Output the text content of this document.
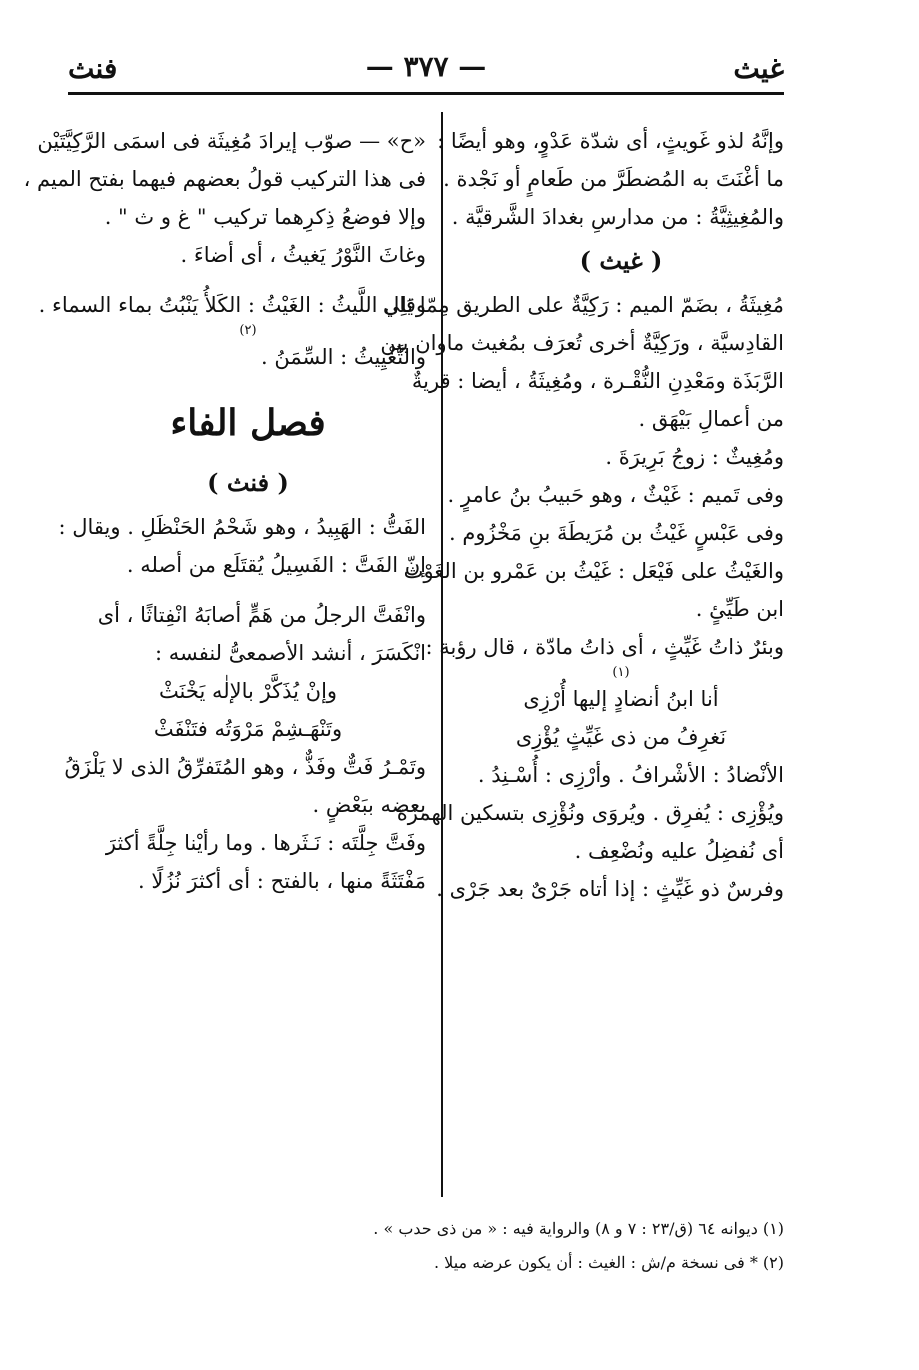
غيث
— ٣٧٧ —
فنث
وإنَّهُ لذو غَويثٍ، أى شدّة عَدْوٍ، وهو أيضًا :
ما أغْنَتَ به المُضطَرَّ من طَعامٍ أو نَجْدة .
والمُغِيثِيَّةُ : من مدارسِ بغدادَ الشَّرقيَّة .
( غيث )
مُغِيثَةُ ، بضَمّ الميم : رَكِيَّةٌ على الطريق مِمّا يَلِي
القادِسيَّة ، ورَكِيَّةٌ أخرى تُعرَف بمُغيث ماوان بين
الرَّبَذَة ومَعْدِنِ النُّقْـرة ، ومُغِيثَةُ ، أيضا : قريةٌ
من أعمالِ بَيْهَق .
ومُغِيثٌ : زوجُ بَرِيرَةَ .
وفى تَميم : غَيْثٌ ، وهو حَبيبُ بنُ عامرٍ .
وفى عَبْسٍ غَيْثُ بن مُرَيطَةَ بنِ مَخْزُوم .
والغَيْثُ على فَيْعَل : غَيْثُ بن عَمْرو بن الغَوْث
ابن طَيِّئٍ .
وبئرٌ ذاتُ غَيِّثٍ ، أى ذاتُ مادّة ، قال رؤبة :
(١)
أنا ابنُ أنضادٍ إليها أُرْزِى
نَغرِفُ من ذى غَيِّثٍ يُؤْزِى
الأنْضادُ : الأشْرافُ . وأرْزِى : أُسْـنِدُ .
ويُؤْزِى : يُفرِق . ويُروَى ونُؤْزِى بتسكين الهمزة
أى نُفضِلُ عليه ونُضْعِف .
وفرسٌ ذو غَيِّثٍ : إذا أتاه جَرْىٌ بعد جَرْى .
«ح» — صوّب إيرادَ مُغِيثَة فى اسمَى الرَّكِيَّتَيْن
فى هذا التركيب قولُ بعضهم فيهما بفتح الميم ،
وإلا فوضعُ ذِكرِهما تركيب " غ و ث " .
وغاثَ النَّوْرُ يَغيثُ ، أى أضاءَ .
وقال اللَّيثُ : الغَيْثُ : الكَلأُ يَنْبُتُ بماء السماء .
(٢)
والتَّغْيِيثُ : السِّمَنُ .
فصل الفاء
( فنث )
الفَتُّ : الهَبِيدُ ، وهو شَحْمُ الحَنْظَلِ . ويقال :
إنّ الفَتَّ : الفَسِيلُ يُقتَلَع من أصله .
وانْفَتَّ الرجلُ من هَمٍّ أصابَهُ انْفِتاثًا ، أى
انْكَسَرَ ، أنشد الأصمعىُّ لنفسه :
وإنْ يُذَكَّرْ بالإلٰه يَخْنَثْ
وتَنْهَـشِمْ مَرْوَتُه فتَنْفَثْ
وتَمْـرُ فَتٌّ وفَذٌّ ، وهو المُتَفرِّقُ الذى لا يَلْزَقُ
بعضه ببَعْضٍ .
وفَتَّ جِلَّتَه : نَـثَرها . وما رأيْنا جِلَّةً أكثرَ
مَفْتَثَةً منها ، بالفتح : أى أكثرَ نُزُلًا .
(١) ديوانه ٦٤ (ق/٢٣ : ٧ و ٨) والرواية فيه : « من ذى حدب » .
(٢) * فى نسخة م/ش : الغيث : أن يكون عرضه ميلا .
